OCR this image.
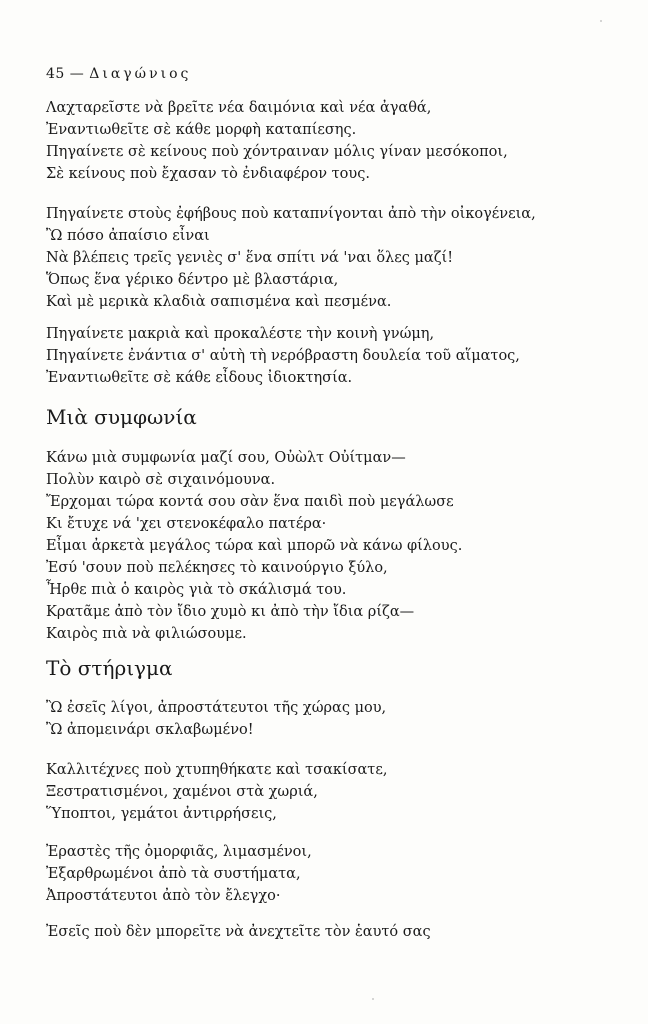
45 — Διαγώνιος
Λαχταρεῖστε νὰ βρεῖτε νέα δαιμόνια καὶ νέα ἀγαθά,
Ἐναντιωθεῖτε σὲ κάθε μορφὴ καταπίεσης.
Πηγαίνετε σὲ κείνους ποὺ χόντραιναν μόλις γίναν μεσόκοποι,
Σὲ κείνους ποὺ ἔχασαν τὸ ἐνδιαφέρον τους.
Πηγαίνετε στοὺς ἐφήβους ποὺ καταπνίγονται ἀπὸ τὴν οἰκογένεια,
Ὢ πόσο ἀπαίσιο εἶναι
Νὰ βλέπεις τρεῖς γενιὲς σ' ἕνα σπίτι νά 'ναι ὅλες μαζί!
Ὅπως ἕνα γέρικο δέντρο μὲ βλαστάρια,
Καὶ μὲ μερικὰ κλαδιὰ σαπισμένα καὶ πεσμένα.
Πηγαίνετε μακριὰ καὶ προκαλέστε τὴν κοινὴ γνώμη,
Πηγαίνετε ἐνάντια σ' αὐτὴ τὴ νερόβραστη δουλεία τοῦ αἵματος,
Ἐναντιωθεῖτε σὲ κάθε εἶδους ἰδιοκτησία.
Μιὰ συμφωνία
Κάνω μιὰ συμφωνία μαζί σου, Οὐὼλτ Οὐίτμαν—
Πολὺν καιρὸ σὲ σιχαινόμουνα.
Ἔρχομαι τώρα κοντά σου σὰν ἕνα παιδὶ ποὺ μεγάλωσε
Κι ἔτυχε νά 'χει στενοκέφαλο πατέρα·
Εἶμαι ἀρκετὰ μεγάλος τώρα καὶ μπορῶ νὰ κάνω φίλους.
Ἐσύ 'σουν ποὺ πελέκησες τὸ καινούργιο ξύλο,
Ἦρθε πιὰ ὁ καιρὸς γιὰ τὸ σκάλισμά του.
Κρατᾶμε ἀπὸ τὸν ἴδιο χυμὸ κι ἀπὸ τὴν ἴδια ρίζα—
Καιρὸς πιὰ νὰ φιλιώσουμε.
Τὸ στήριγμα
Ὢ ἐσεῖς λίγοι, ἀπροστάτευτοι τῆς χώρας μου,
Ὢ ἀπομεινάρι σκλαβωμένο!
Καλλιτέχνες ποὺ χτυπηθήκατε καὶ τσακίσατε,
Ξεστρατισμένοι, χαμένοι στὰ χωριά,
Ὕποπτοι, γεμάτοι ἀντιρρήσεις,
Ἐραστὲς τῆς ὀμορφιᾶς, λιμασμένοι,
Ἐξαρθρωμένοι ἀπὸ τὰ συστήματα,
Ἀπροστάτευτοι ἀπὸ τὸν ἔλεγχο·
Ἐσεῖς ποὺ δὲν μπορεῖτε νὰ ἀνεχτεῖτε τὸν ἑαυτό σας
